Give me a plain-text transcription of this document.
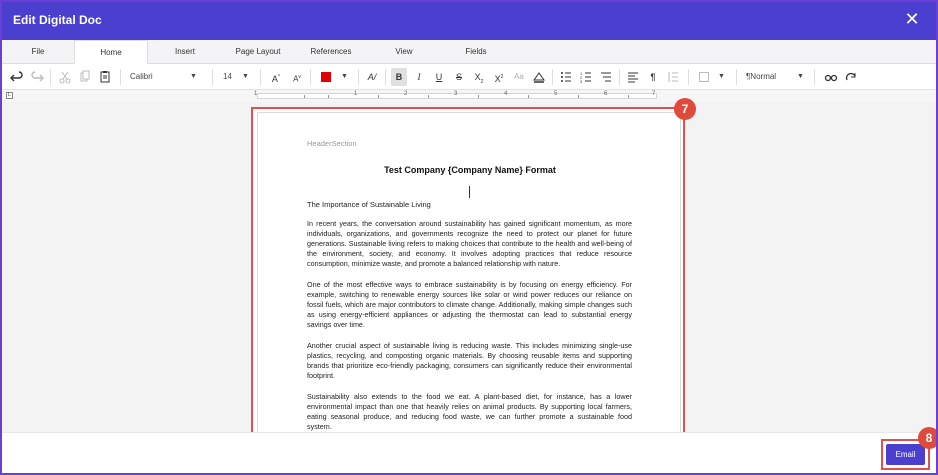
Edit Digital Doc	✕
File	Home	Insert	Page Layout	References	View	Fields
Calibri	▼	14	▼	A^	$A^v$	▼	A/	B	I	U	S	$X_2$ $X^2$	Aa	1
2
3	¶	▼	¶Normal	▼
L	1	1	2	3	4	5	6	7
HeaderSection
Test Company {Company Name} Format
The Importance of Sustainable Living
In recent years, the conversation around sustainability has gained significant momentum, as more individuals, organizations, and governments recognize the need to protect our planet for future generations. Sustainable living refers to making choices that contribute to the health and well-being of the environment, society, and economy. It involves adopting practices that reduce resource consumption, minimize waste, and promote a balanced relationship with nature.
One of the most effective ways to embrace sustainability is by focusing on energy efficiency. For example, switching to renewable energy sources like solar or wind power reduces our reliance on fossil fuels, which are major contributors to climate change. Additionally, making simple changes such as using energy-efficient appliances or adjusting the thermostat can lead to substantial energy savings over time.
Another crucial aspect of sustainable living is reducing waste. This includes minimizing single-use plastics, recycling, and composting organic materials. By choosing reusable items and supporting brands that prioritize eco-friendly packaging, consumers can significantly reduce their environmental footprint.
Sustainability also extends to the food we eat. A plant-based diet, for instance, has a lower environmental impact than one that heavily relies on animal products. By supporting local farmers, eating seasonal produce, and reducing food waste, we can further promote a sustainable food system.
7
Email
8
